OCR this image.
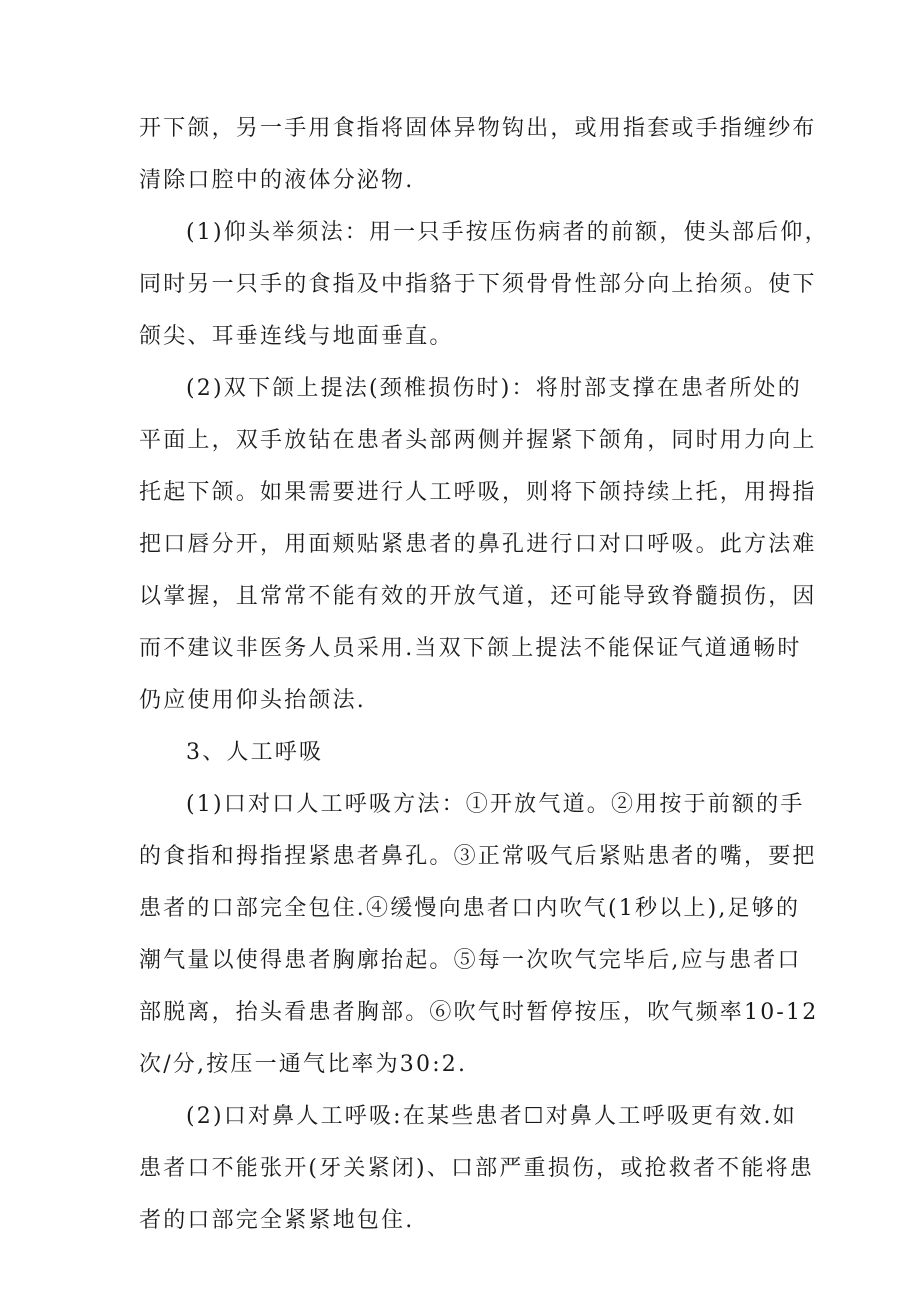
开下颌，另一手用食指将固体异物钩出，或用指套或手指缠纱布
清除口腔中的液体分泌物.
(1)仰头举须法：用一只手按压伤病者的前额，使头部后仰，
同时另一只手的食指及中指貉于下须骨骨性部分向上抬须。使下
颌尖、耳垂连线与地面垂直。
(2)双下颌上提法(颈椎损伤时)：将肘部支撑在患者所处的
平面上，双手放钻在患者头部两侧并握紧下颌角，同时用力向上
托起下颌。如果需要进行人工呼吸，则将下颌持续上托，用拇指
把口唇分开，用面颊贴紧患者的鼻孔进行口对口呼吸。此方法难
以掌握，且常常不能有效的开放气道，还可能导致脊髓损伤，因
而不建议非医务人员采用.当双下颌上提法不能保证气道通畅时
仍应使用仰头抬颌法.
3、人工呼吸
(1)口对口人工呼吸方法：①开放气道。②用按于前额的手
的食指和拇指捏紧患者鼻孔。③正常吸气后紧贴患者的嘴，要把
患者的口部完全包住.④缓慢向患者口内吹气(1秒以上),足够的
潮气量以使得患者胸廓抬起。⑤每一次吹气完毕后,应与患者口
部脱离，抬头看患者胸部。⑥吹气时暂停按压，吹气频率10-12
次/分,按压一通气比率为30:2.
(2)口对鼻人工呼吸:在某些患者☐对鼻人工呼吸更有效.如
患者口不能张开(牙关紧闭)、口部严重损伤，或抢救者不能将患
者的口部完全紧紧地包住.
